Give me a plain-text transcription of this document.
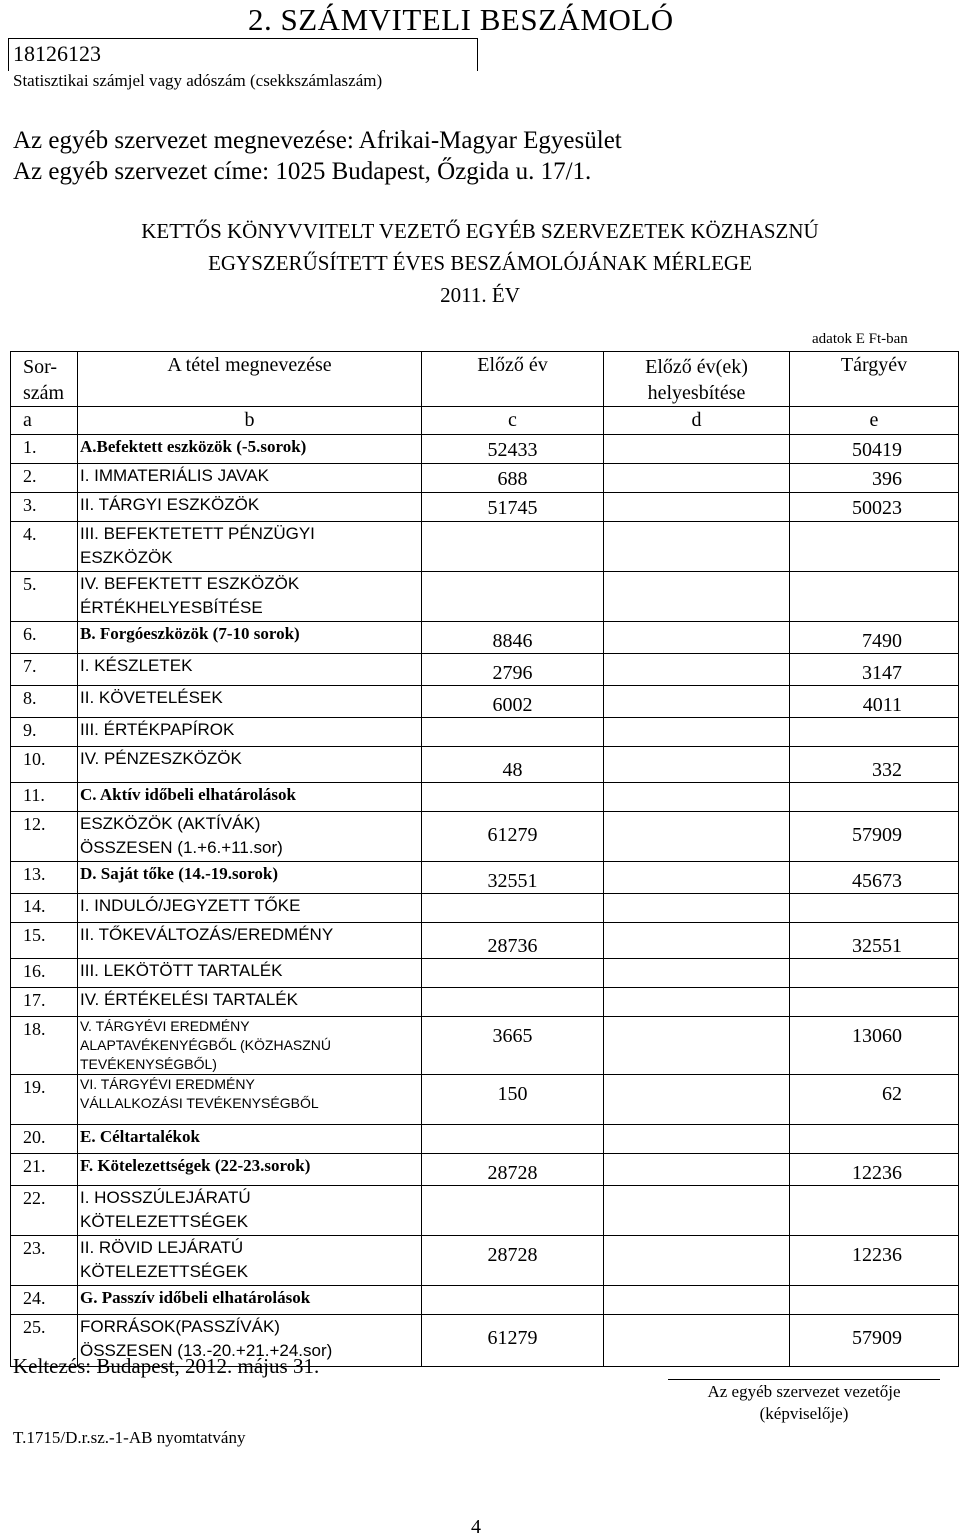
2. SZÁMVITELI BESZÁMOLÓ
18126123
Statisztikai számjel vagy adószám (csekkszámlaszám)
Az egyéb szervezet megnevezése: Afrikai-Magyar Egyesület
Az egyéb szervezet címe: 1025 Budapest, Őzgida u. 17/1.
KETTŐS KÖNYVVITELT VEZETŐ EGYÉB SZERVEZETEK KÖZHASZNÚ
EGYSZERŰSÍTETT ÉVES BESZÁMOLÓJÁNAK MÉRLEGE
2011. ÉV
adatok E Ft-ban
Sor-
szám	A tétel megnevezése	Előző év	Előző év(ek)
helyesbítése	Tárgyév

a	b	c	d	e

1.	A.Befektett eszközök (-5.sorok)	52433		50419

2.	I. IMMATERIÁLIS JAVAK	688		396

3.	II. TÁRGYI ESZKÖZÖK	51745		50023

4.	III. BEFEKTETETT PÉNZÜGYI
ESZKÖZÖK			

5.	IV. BEFEKTETT ESZKÖZÖK
ÉRTÉKHELYESBÍTÉSE			

6.	B. Forgóeszközök (7-10 sorok)	8846		7490

7.	I. KÉSZLETEK	2796		3147

8.	II. KÖVETELÉSEK	6002		4011

9.	III. ÉRTÉKPAPÍROK			

10.	IV. PÉNZESZKÖZÖK	48		332

11.	C. Aktív időbeli elhatárolások			

12.	ESZKÖZÖK (AKTÍVÁK)
ÖSSZESEN (1.+6.+11.sor)	61279		57909

13.	D. Saját tőke (14.-19.sorok)	32551		45673

14.	I. INDULÓ/JEGYZETT TŐKE			

15.	II. TŐKEVÁLTOZÁS/EREDMÉNY	28736		32551

16.	III. LEKÖTÖTT TARTALÉK			

17.	IV. ÉRTÉKELÉSI TARTALÉK			

18.	V. TÁRGYÉVI EREDMÉNY
ALAPTAVÉKENYÉGBŐL (KÖZHASZNÚ
TEVÉKENYSÉGBŐL)	3665		13060

19.	VI. TÁRGYÉVI EREDMÉNY
VÁLLALKOZÁSI TEVÉKENYSÉGBŐL	150		62

20.	E. Céltartalékok			

21.	F. Kötelezettségek (22-23.sorok)	28728		12236

22.	I. HOSSZÚLEJÁRATÚ
KÖTELEZETTSÉGEK			

23.	II. RÖVID LEJÁRATÚ
KÖTELEZETTSÉGEK	28728		12236

24.	G. Passzív időbeli elhatárolások			

25.	FORRÁSOK(PASSZÍVÁK)
ÖSSZESEN (13.-20.+21.+24.sor)	61279		57909
Keltezés: Budapest, 2012. május 31.
Az egyéb szervezet vezetője
(képviselője)
T.1715/D.r.sz.-1-AB nyomtatvány
4
